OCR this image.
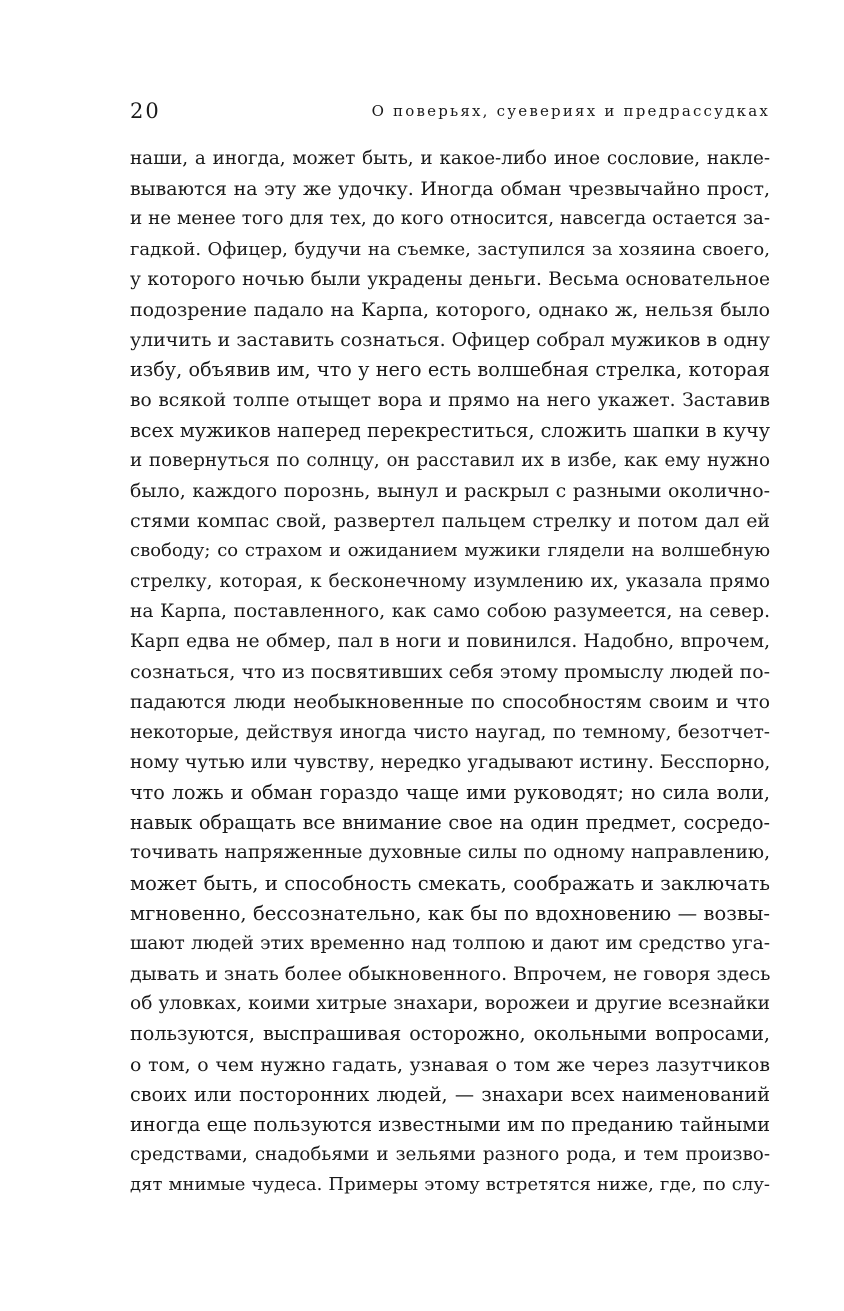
20	О поверьях, суевериях и предрассудках
наши, а иногда, может быть, и какое-либо иное сословие, накле-
вываются на эту же удочку. Иногда обман чрезвычайно прост,
и не менее того для тех, до кого относится, навсегда остается за-
гадкой. Офицер, будучи на съемке, заступился за хозяина своего,
у которого ночью были украдены деньги. Весьма основательное
подозрение падало на Карпа, которого, однако ж, нельзя было
уличить и заставить сознаться. Офицер собрал мужиков в одну
избу, объявив им, что у него есть волшебная стрелка, которая
во всякой толпе отыщет вора и прямо на него укажет. Заставив
всех мужиков наперед перекреститься, сложить шапки в кучу
и повернуться по солнцу, он расставил их в избе, как ему нужно
было, каждого порознь, вынул и раскрыл с разными околично-
стями компас свой, развертел пальцем стрелку и потом дал ей
свободу; со страхом и ожиданием мужики глядели на волшебную
стрелку, которая, к бесконечному изумлению их, указала прямо
на Карпа, поставленного, как само собою разумеется, на север.
Карп едва не обмер, пал в ноги и повинился. Надобно, впрочем,
сознаться, что из посвятивших себя этому промыслу людей по-
падаются люди необыкновенные по способностям своим и что
некоторые, действуя иногда чисто наугад, по темному, безотчет-
ному чутью или чувству, нередко угадывают истину. Бесспорно,
что ложь и обман гораздо чаще ими руководят; но сила воли,
навык обращать все внимание свое на один предмет, сосредо-
точивать напряженные духовные силы по одному направлению,
может быть, и способность смекать, соображать и заключать
мгновенно, бессознательно, как бы по вдохновению — возвы-
шают людей этих временно над толпою и дают им средство уга-
дывать и знать более обыкновенного. Впрочем, не говоря здесь
об уловках, коими хитрые знахари, ворожеи и другие всезнайки
пользуются, выспрашивая осторожно, окольными вопросами,
о том, о чем нужно гадать, узнавая о том же через лазутчиков
своих или посторонних людей, — знахари всех наименований
иногда еще пользуются известными им по преданию тайными
средствами, снадобьями и зельями разного рода, и тем произво-
дят мнимые чудеса. Примеры этому встретятся ниже, где, по слу-
